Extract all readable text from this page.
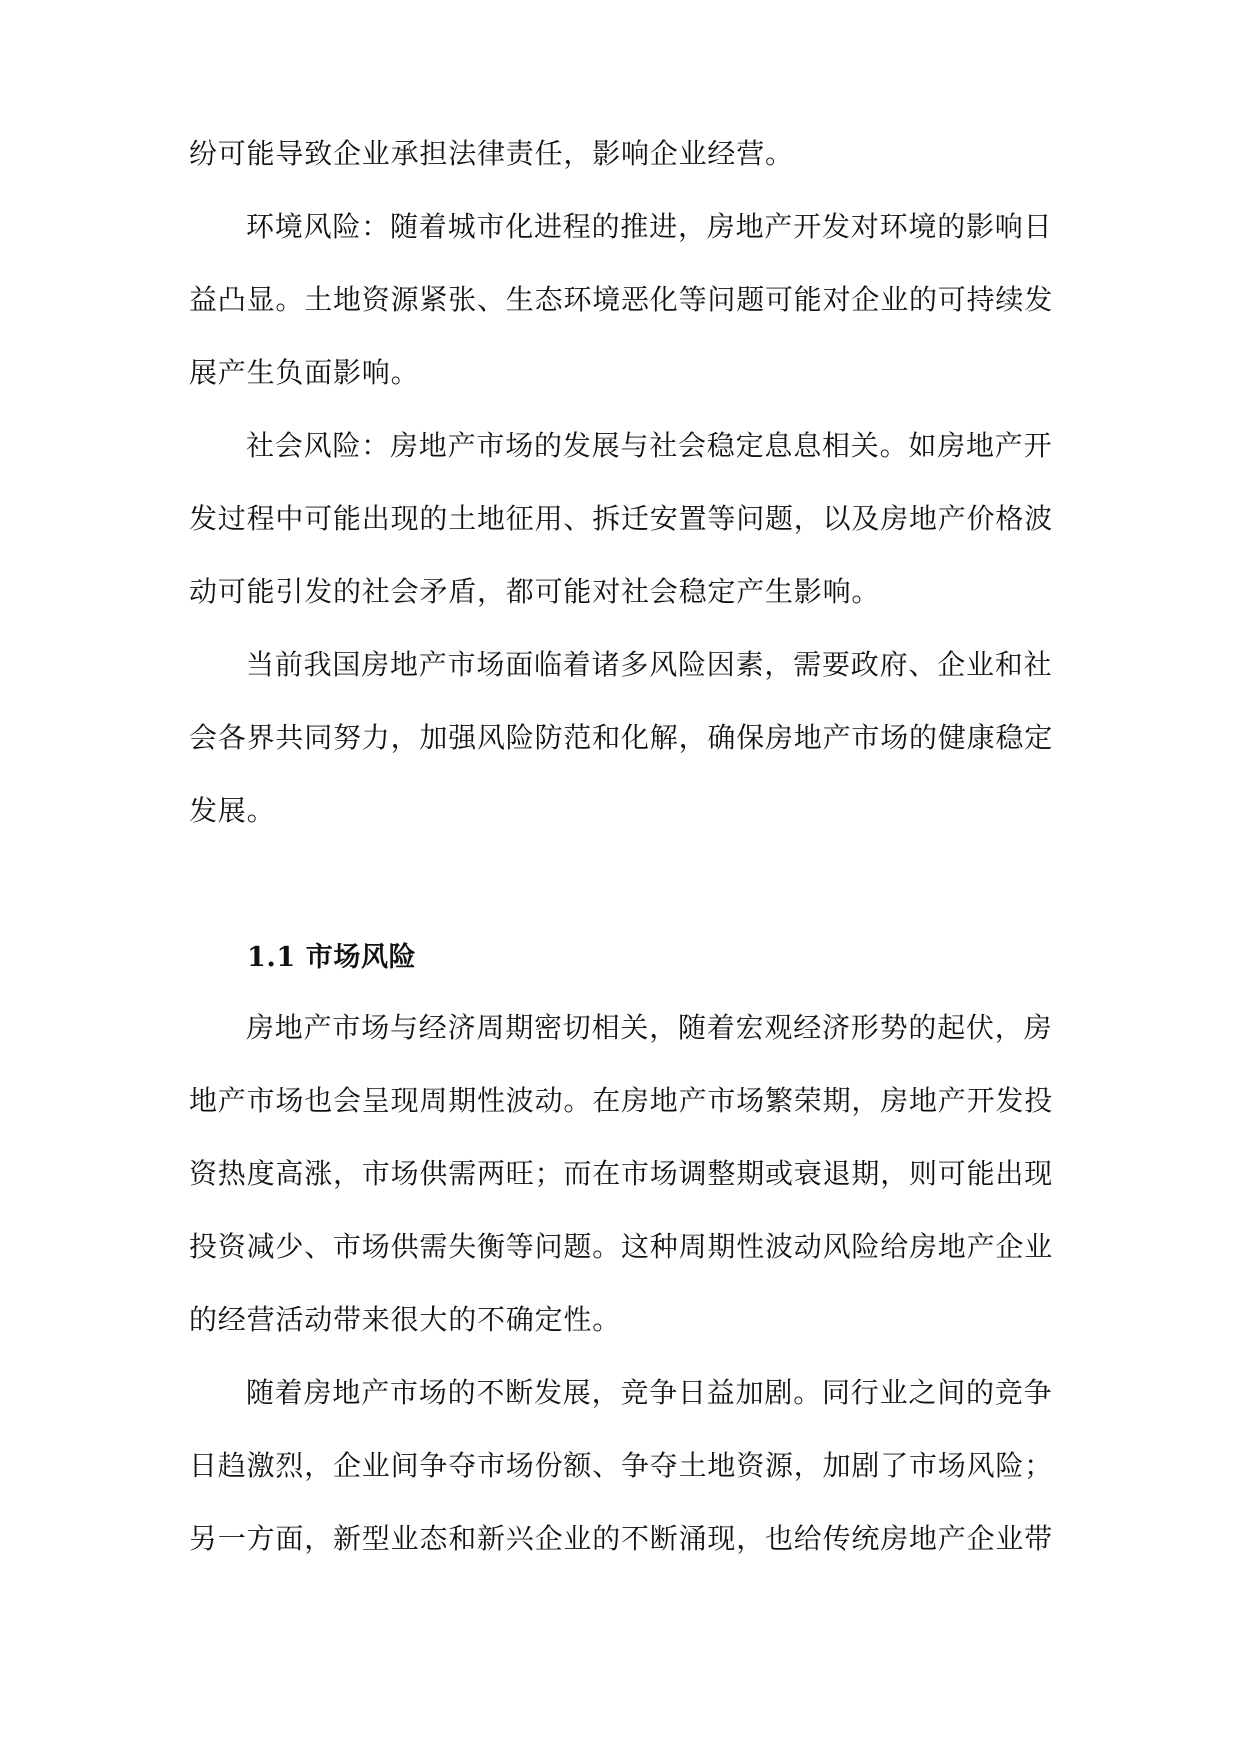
纷可能导致企业承担法律责任，影响企业经营。
环境风险：随着城市化进程的推进，房地产开发对环境的影响日
益凸显。土地资源紧张、生态环境恶化等问题可能对企业的可持续发
展产生负面影响。
社会风险：房地产市场的发展与社会稳定息息相关。如房地产开
发过程中可能出现的土地征用、拆迁安置等问题，以及房地产价格波
动可能引发的社会矛盾，都可能对社会稳定产生影响。
当前我国房地产市场面临着诸多风险因素，需要政府、企业和社
会各界共同努力，加强风险防范和化解，确保房地产市场的健康稳定
发展。
1.1 市场风险
房地产市场与经济周期密切相关，随着宏观经济形势的起伏，房
地产市场也会呈现周期性波动。在房地产市场繁荣期，房地产开发投
资热度高涨，市场供需两旺；而在市场调整期或衰退期，则可能出现
投资减少、市场供需失衡等问题。这种周期性波动风险给房地产企业
的经营活动带来很大的不确定性。
随着房地产市场的不断发展，竞争日益加剧。同行业之间的竞争
日趋激烈，企业间争夺市场份额、争夺土地资源，加剧了市场风险；
另一方面，新型业态和新兴企业的不断涌现，也给传统房地产企业带
